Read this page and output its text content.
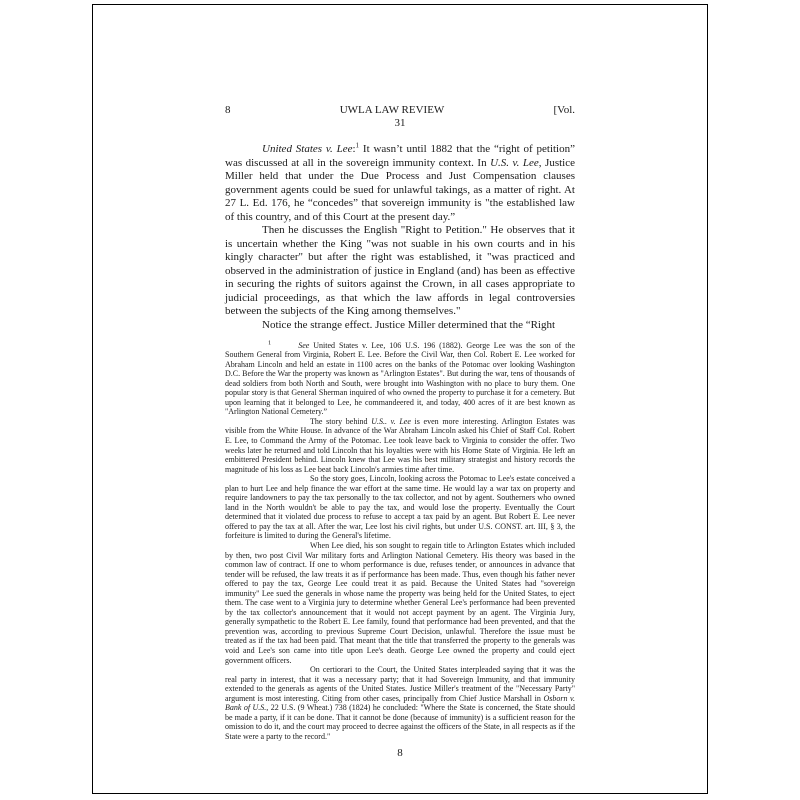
8	UWLA LAW REVIEW	[Vol.
31

United States v. Lee:$^1$ It wasn’t until 1882 that the “right of petition” was discussed at all in the sovereign immunity context. In U.S. v. Lee, Justice Miller held that under the Due Process and Just Compensation clauses government agents could be sued for unlawful takings, as a matter of right. At 27 L. Ed. 176, he “concedes” that sovereign immunity is "the established law of this country, and of this Court at the present day.”

Then he discusses the English "Right to Petition." He observes that it is uncertain whether the King "was not suable in his own courts and in his kingly character" but after the right was established, it "was practiced and observed in the administration of justice in England (and) has been as effective in securing the rights of suitors against the Crown, in all cases appropriate to judicial proceedings, as that which the law affords in legal controversies between the subjects of the King among themselves."

Notice the strange effect. Justice Miller determined that the “Right

$^1$	See United States v. Lee, 106 U.S. 196 (1882). George Lee was the son of the Southern General from Virginia, Robert E. Lee. Before the Civil War, then Col. Robert E. Lee worked for Abraham Lincoln and held an estate in 1100 acres on the banks of the Potomac over looking Washington D.C. Before the War the property was known as "Arlington Estates". But during the war, tens of thousands of dead soldiers from both North and South, were brought into Washington with no place to bury them. One popular story is that General Sherman inquired of who owned the property to purchase it for a cemetery. But upon learning that it belonged to Lee, he commandeered it, and today, 400 acres of it are best known as "Arlington National Cemetery.”

The story behind U.S.. v. Lee is even more interesting. Arlington Estates was visible from the White House. In advance of the War Abraham Lincoln asked his Chief of Staff Col. Robert E. Lee, to Command the Army of the Potomac. Lee took leave back to Virginia to consider the offer. Two weeks later he returned and told Lincoln that his loyalties were with his Home State of Virginia. He left an embittered President behind. Lincoln knew that Lee was his best military strategist and history records the magnitude of his loss as Lee beat back Lincoln's armies time after time.

So the story goes, Lincoln, looking across the Potomac to Lee's estate conceived a plan to hurt Lee and help finance the war effort at the same time. He would lay a war tax on property and require landowners to pay the tax personally to the tax collector, and not by agent. Southerners who owned land in the North wouldn't be able to pay the tax, and would lose the property. Eventually the Court determined that it violated due process to refuse to accept a tax paid by an agent. But Robert E. Lee never offered to pay the tax at all. After the war, Lee lost his civil rights, but under U.S. CONST. art. III, § 3, the forfeiture is limited to during the General's lifetime.

When Lee died, his son sought to regain title to Arlington Estates which included by then, two post Civil War military forts and Arlington National Cemetery. His theory was based in the common law of contract. If one to whom performance is due, refuses tender, or announces in advance that tender will be refused, the law treats it as if performance has been made. Thus, even though his father never offered to pay the tax, George Lee could treat it as paid. Because the United States had "sovereign immunity" Lee sued the generals in whose name the property was being held for the United States, to eject them. The case went to a Virginia jury to determine whether General Lee's performance had been prevented by the tax collector's announcement that it would not accept payment by an agent. The Virginia Jury, generally sympathetic to the Robert E. Lee family, found that performance had been prevented, and that the prevention was, according to previous Supreme Court Decision, unlawful. Therefore the issue must be treated as if the tax had been paid. That meant that the title that transferred the property to the generals was void and Lee's son came into title upon Lee's death. George Lee owned the property and could eject government officers.

On certiorari to the Court, the United States interpleaded saying that it was the real party in interest, that it was a necessary party; that it had Sovereign Immunity, and that immunity extended to the generals as agents of the United States. Justice Miller's treatment of the "Necessary Party" argument is most interesting. Citing from other cases, principally from Chief Justice Marshall in Osborn v. Bank of U.S., 22 U.S. (9 Wheat.) 738 (1824) he concluded: "Where the State is concerned, the State should be made a party, if it can be done. That it cannot be done (because of immunity) is a sufficient reason for the omission to do it, and the court may proceed to decree against the officers of the State, in all respects as if the State were a party to the record."

8
